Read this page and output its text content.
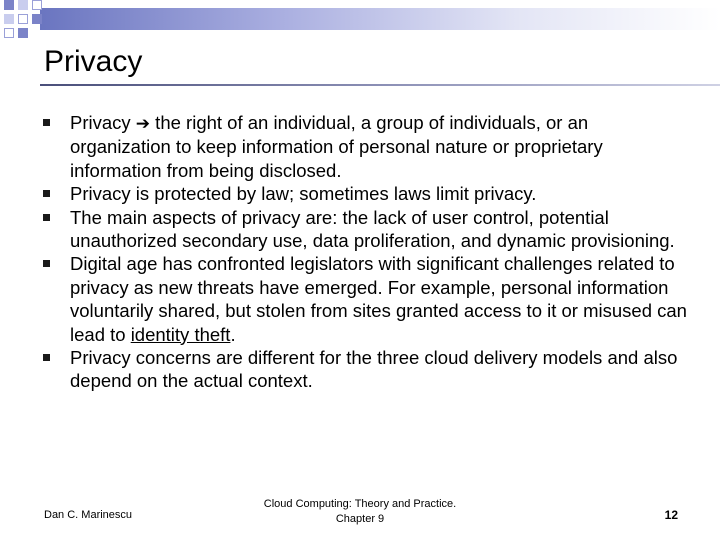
Privacy
Privacy ➔ the right of an individual, a group of individuals, or an organization to keep information of personal nature or proprietary information from being disclosed.
Privacy is protected by law; sometimes laws limit privacy.
The main aspects of privacy are: the lack of user control, potential unauthorized secondary use, data proliferation, and dynamic provisioning.
Digital age has confronted legislators with significant challenges related to privacy as new threats have emerged. For example, personal information voluntarily shared, but stolen from sites granted access to it or misused can lead to identity theft.
Privacy concerns are different for the three cloud delivery models and also depend on the actual context.
Dan C. Marinescu
Cloud Computing: Theory and Practice.
Chapter 9	12
